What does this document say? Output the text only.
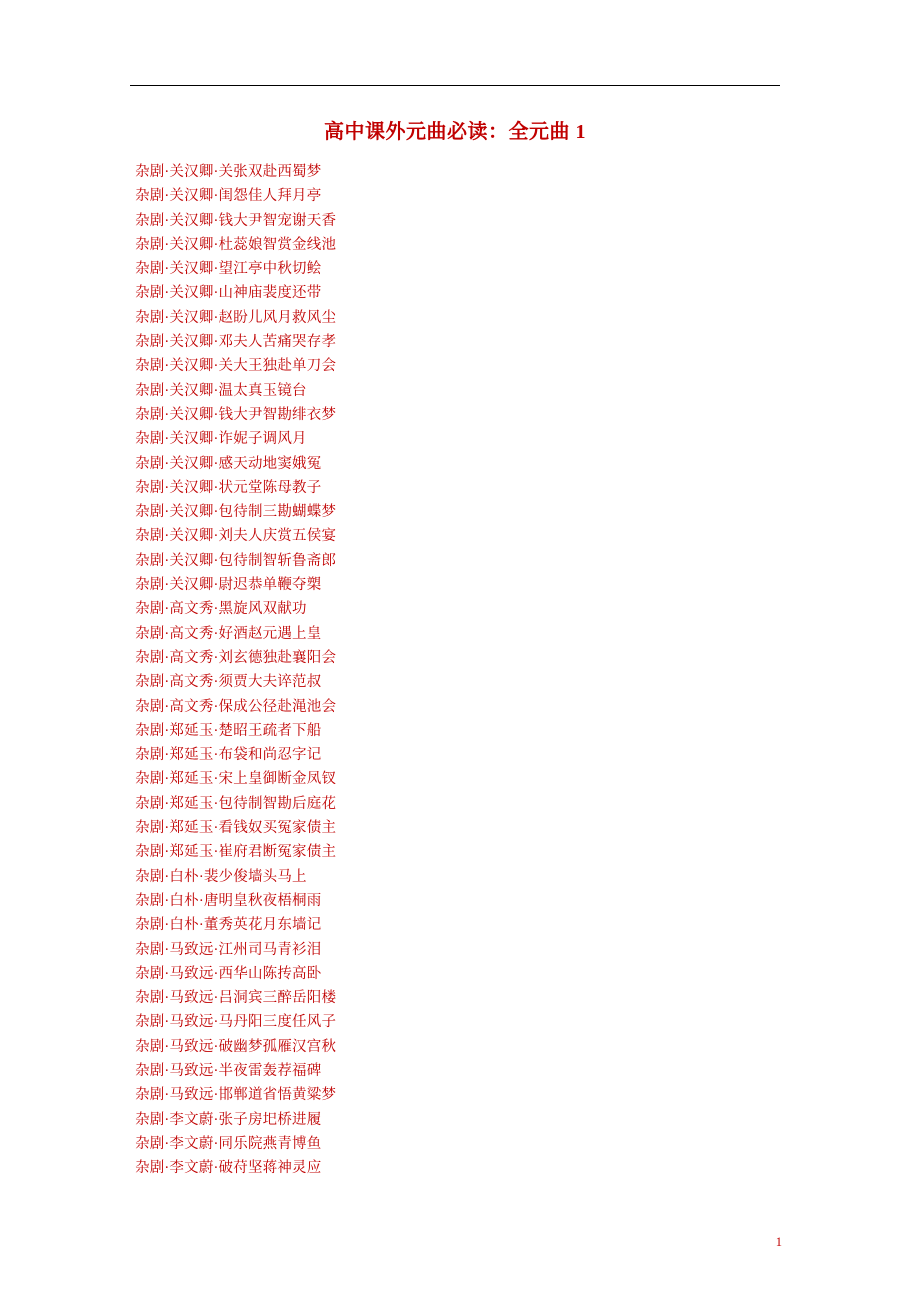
高中课外元曲必读：全元曲 1
杂剧·关汉卿·关张双赴西蜀梦
杂剧·关汉卿·闺怨佳人拜月亭
杂剧·关汉卿·钱大尹智宠谢天香
杂剧·关汉卿·杜蕊娘智赏金线池
杂剧·关汉卿·望江亭中秋切鲙
杂剧·关汉卿·山神庙裴度还带
杂剧·关汉卿·赵盼儿风月救风尘
杂剧·关汉卿·邓夫人苦痛哭存孝
杂剧·关汉卿·关大王独赴单刀会
杂剧·关汉卿·温太真玉镜台
杂剧·关汉卿·钱大尹智勘绯衣梦
杂剧·关汉卿·诈妮子调风月
杂剧·关汉卿·感天动地窦娥冤
杂剧·关汉卿·状元堂陈母教子
杂剧·关汉卿·包待制三勘蝴蝶梦
杂剧·关汉卿·刘夫人庆赏五侯宴
杂剧·关汉卿·包待制智斩鲁斋郎
杂剧·关汉卿·尉迟恭单鞭夺槊
杂剧·高文秀·黑旋风双献功
杂剧·高文秀·好酒赵元遇上皇
杂剧·高文秀·刘玄德独赴襄阳会
杂剧·高文秀·须贾大夫谇范叔
杂剧·高文秀·保成公径赴渑池会
杂剧·郑延玉·楚昭王疏者下船
杂剧·郑延玉·布袋和尚忍字记
杂剧·郑延玉·宋上皇御断金凤钗
杂剧·郑延玉·包待制智勘后庭花
杂剧·郑延玉·看钱奴买冤家债主
杂剧·郑延玉·崔府君断冤家债主
杂剧·白朴·裴少俊墙头马上
杂剧·白朴·唐明皇秋夜梧桐雨
杂剧·白朴·董秀英花月东墙记
杂剧·马致远·江州司马青衫泪
杂剧·马致远·西华山陈抟高卧
杂剧·马致远·吕洞宾三醉岳阳楼
杂剧·马致远·马丹阳三度任风子
杂剧·马致远·破幽梦孤雁汉宫秋
杂剧·马致远·半夜雷轰荐福碑
杂剧·马致远·邯郸道省悟黄粱梦
杂剧·李文蔚·张子房圯桥进履
杂剧·李文蔚·同乐院燕青博鱼
杂剧·李文蔚·破苻坚蒋神灵应
1
